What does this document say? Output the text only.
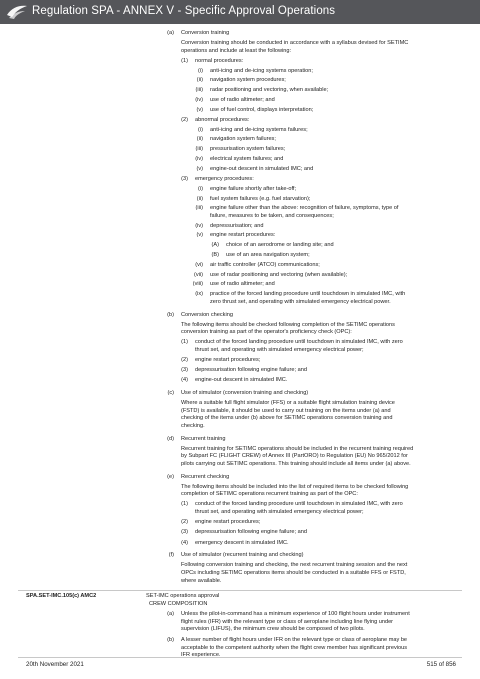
Regulation SPA - ANNEX V - Specific Approval Operations
(a) Conversion training
Conversion training should be conducted in accordance with a syllabus devised for SETIMC operations and include at least the following:
(1) normal procedures:
(i) anti-icing and de-icing systems operation;
(ii) navigation system procedures;
(iii) radar positioning and vectoring, when available;
(iv) use of radio altimeter; and
(v) use of fuel control, displays interpretation;
(2) abnormal procedures:
(i) anti-icing and de-icing systems failures;
(ii) navigation system failures;
(iii) pressurisation system failures;
(iv) electrical system failures; and
(v) engine-out descent in simulated IMC; and
(3) emergency procedures:
(i) engine failure shortly after take-off;
(ii) fuel system failures (e.g. fuel starvation);
(iii) engine failure other than the above: recognition of failure, symptoms, type of failure, measures to be taken, and consequences;
(iv) depressurisation; and
(v) engine restart procedures:
(A) choice of an aerodrome or landing site; and
(B) use of an area navigation system;
(vi) air traffic controller (ATCO) communications;
(vii) use of radar positioning and vectoring (when available);
(viii) use of radio altimeter; and
(ix) practice of the forced landing procedure until touchdown in simulated IMC, with zero thrust set, and operating with simulated emergency electrical power.
(b) Conversion checking
The following items should be checked following completion of the SETIMC operations conversion training as part of the operator's proficiency check (OPC):
(1) conduct of the forced landing procedure until touchdown in simulated IMC, with zero thrust set, and operating with simulated emergency electrical power;
(2) engine restart procedures;
(3) depressurisation following engine failure; and
(4) engine-out descent in simulated IMC.
(c) Use of simulator (conversion training and checking)
Where a suitable full flight simulator (FFS) or a suitable flight simulation training device (FSTD) is available, it should be used to carry out training on the items under (a) and checking of the items under (b) above for SETIMC operations conversion training and checking.
(d) Recurrent training
Recurrent training for SETIMC operations should be included in the recurrent training required by Subpart FC (FLIGHT CREW) of Annex III (PartORO) to Regulation (EU) No 965/2012 for pilots carrying out SETIMC operations. This training should include all items under (a) above.
(e) Recurrent checking
The following items should be included into the list of required items to be checked following completion of SETIMC operations recurrent training as part of the OPC:
(1) conduct of the forced landing procedure until touchdown in simulated IMC, with zero thrust set, and operating with simulated emergency electrical power;
(2) engine restart procedures;
(3) depressurisation following engine failure; and
(4) emergency descent in simulated IMC.
(f) Use of simulator (recurrent training and checking)
Following conversion training and checking, the next recurrent training session and the next OPCs including SETIMC operations items should be conducted in a suitable FFS or FSTD, where available.
SPA.SET-IMC.105(c) AMC2	SET-IMC operations approval
CREW COMPOSITION
(a) Unless the pilot-in-command has a minimum experience of 100 flight hours under instrument flight rules (IFR) with the relevant type or class of aeroplane including line flying under supervision (LIFUS), the minimum crew should be composed of two pilots.
(b) A lesser number of flight hours under IFR on the relevant type or class of aeroplane may be acceptable to the competent authority when the flight crew member has significant previous IFR experience.
20th November 2021	515 of 856
